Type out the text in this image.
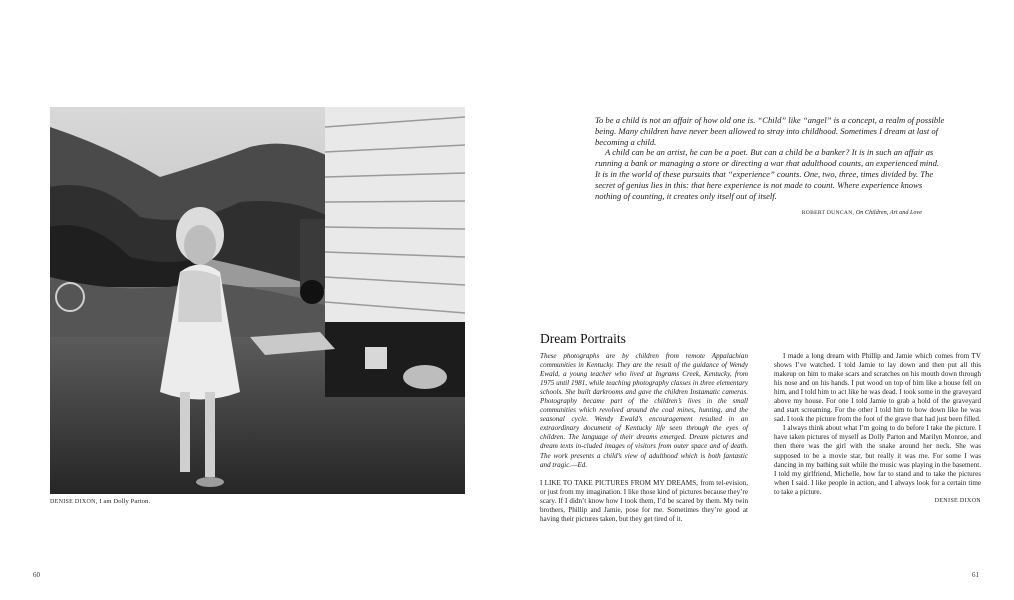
DENISE DIXON, I am Dolly Parton.
60

To be a child is not an affair of how old one is. “Child” like “angel” is a concept, a realm of possible being. Many children have never been allowed to stray into childhood. Sometimes I dream at last of becoming a child.

A child can be an artist, he can be a poet. But can a child be a banker? It is in such an affair as running a bank or managing a store or directing a war that adulthood counts, an experienced mind. It is in the world of these pursuits that “experience” counts. One, two, three, times divided by. The secret of genius lies in this: that here experience is not made to count. Where experience knows nothing of counting, it creates only itself out of itself.

ROBERT DUNCAN, On Children, Art and Love
Dream Portraits

These photographs are by children from remote Appalachian communities in Kentucky. They are the result of the guidance of Wendy Ewald, a young teacher who lived at Ingrams Creek, Kentucky, from 1975 until 1981, while teaching photography classes in three elementary schools. She built darkrooms and gave the children Instamatic cameras. Photography became part of the children’s lives in the small communities which revolved around the coal mines, hunting, and the seasonal cycle. Wendy Ewald’s encouragement resulted in an extraordinary document of Kentucky life seen through the eyes of children. The language of their dreams emerged. Dream pictures and dream texts in-cluded images of visitors from outer space and of death. The work presents a child’s view of adulthood which is both fantastic and tragic.—Ed.

I LIKE TO TAKE PICTURES FROM MY DREAMS, from tel-evision, or just from my imagination. I like those kind of pictures because they’re scary. If I didn’t know how I took them, I’d be scared by them. My twin brothers, Phillip and Jamie, pose for me. Sometimes they’re good at having their pictures taken, but they get tired of it.

I made a long dream with Phillip and Jamie which comes from TV shows I’ve watched. I told Jamie to lay down and then put all this makeup on him to make scars and scratches on his mouth down through his nose and on his hands. I put wood on top of him like a house fell on him, and I told him to act like he was dead. I took some in the graveyard above my house. For one I told Jamie to grab a hold of the graveyard and start screaming. For the other I told him to bow down like he was sad. I took the picture from the foot of the grave that had just been filled.

I always think about what I’m going to do before I take the picture. I have taken pictures of myself as Dolly Parton and Marilyn Monroe, and then there was the girl with the snake around her neck. She was supposed to be a movie star, but really it was me. For some I was dancing in my bathing suit while the music was playing in the basement. I told my girlfriend, Michelle, how far to stand and to take the pictures when I said. I like people in action, and I always look for a certain time to take a picture.

DENISE DIXON

61
